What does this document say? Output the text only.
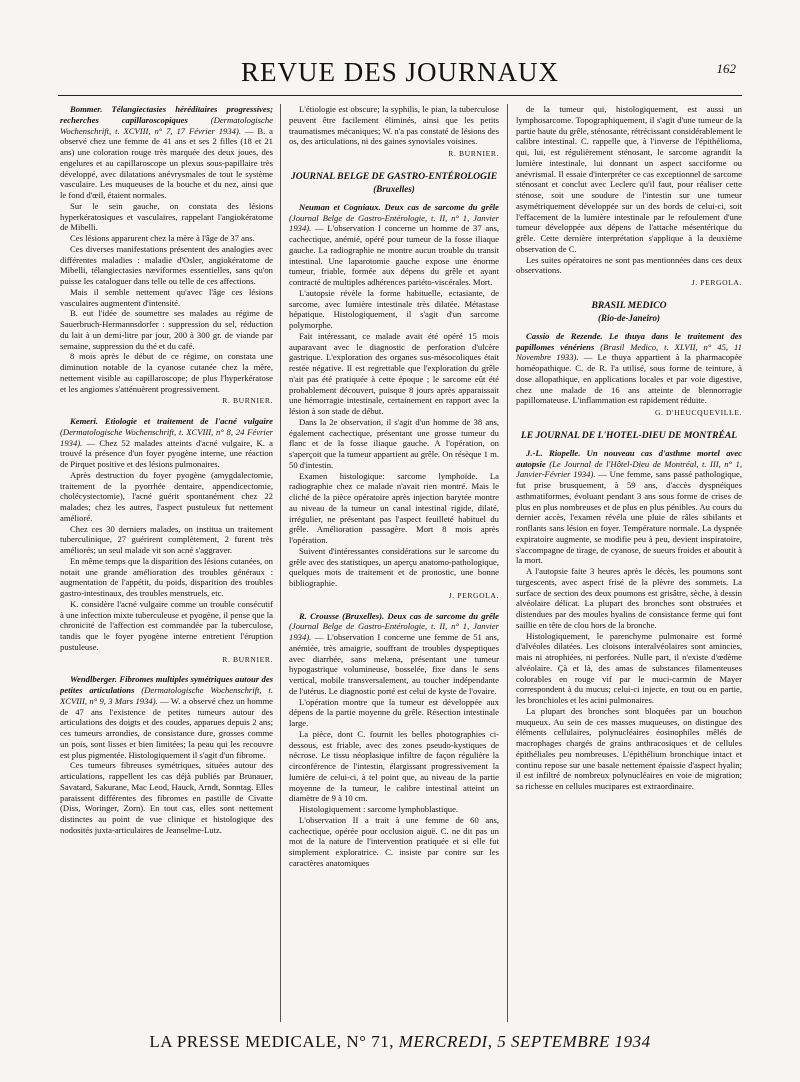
REVUE DES JOURNAUX	162

Bommer. Télangiectasies héréditaires progressives; recherches capillaroscopiques	(Dermatologische Wochenschrift, t. XCVIII, n° 7, 17 Février 1934). — B. a observé chez une femme de 41 ans et ses 2 filles (18 et 21 ans) une coloration rouge très marquée des deux joues, des engelures et au capillaroscope un plexus sous-papillaire très développé, avec dilatations anévrysmales de tout le système vasculaire. Les muqueuses de la bouche et du nez, ainsi que le fond d'œil, étaient normales.

Sur le sein gauche, on constata des lésions hyperkératosiques et vasculaires, rappelant l'angiokératome de Mibelli.

Ces lésions apparurent chez la mère à l'âge de 37 ans.

Ces diverses manifestations présentent des analogies avec différentes maladies : maladie d'Osler, angiokératome de Mibelli, télangiectasies næviformes essentielles, sans qu'on puisse les cataloguer dans telle ou telle de ces affections.

Mais il semble nettement qu'avec l'âge ces lésions vasculaires augmentent d'intensité.

B. eut l'idée de soumettre ses malades au régime de Sauerbruch-Hermannsdorfer : suppression du sel, réduction du lait à un demi-litre par jour, 200 à 300 gr. de viande par semaine, suppression du thé et du café.

8 mois après le début de ce régime, on constata une diminution notable de la cyanose cutanée chez la mère, nettement visible au capillaroscope; de plus l'hyperkératose et les angiomes s'atténuèrent progressivement.

R. BURNIER.

Kemeri. Etiologie et traitement de l'acné vulgaire (Dermatologische Wochenschrift, t. XCVIII, n° 8, 24 Février 1934). — Chez 52 malades atteints d'acné vulgaire, K. a trouvé la présence d'un foyer pyogène interne, une réaction de Pirquet positive et des lésions pulmonaires.

Après destruction du foyer pyogène (amygdalectomie, traitement de la pyorrhée dentaire, appendicectomie, cholécystectomie), l'acné guérit spontanément chez 22 malades; chez les autres, l'aspect pustuleux fut nettement amélioré.

Chez ces 30 derniers malades, on institua un traitement tuberculinique, 27 guérirent complètement, 2 furent très améliorés; un seul malade vit son acné s'aggraver.

En même temps que la disparition des lésions cutanées, on notait une grande amélioration des troubles généraux : augmentation de l'appétit, du poids, disparition des troubles gastro-intestinaux, des troubles menstruels, etc.

K. considère l'acné vulgaire comme un trouble consécutif à une infection mixte tuberculeuse et pyogène, il pense que la chronicité de l'affection est commandée par la tuberculose, tandis que le foyer pyogène interne entretient l'éruption pustuleuse.

R. BURNIER.

Wendlberger. Fibromes multiples symétriques autour des petites articulations (Dermatologische Wochenschrift, t. XCVIII, n° 9, 3 Mars 1934). — W. a observé chez un homme de 47 ans l'existence de petites tumeurs autour des articulations des doigts et des coudes, apparues depuis 2 ans; ces tumeurs arrondies, de consistance dure, grosses comme un pois, sont lisses et bien limitées; la peau qui les recouvre est plus pigmentée. Histologiquement il s'agit d'un fibrome.

Ces tumeurs fibreuses symétriques, situées autour des articulations, rappellent les cas déjà publiés par Brunauer, Savatard, Sakurane, Mac Leod, Hauck, Arndt, Sonntag. Elles paraissent différentes des fibromes en pastille de Civatte (Diss, Woringer, Zorn). En tout cas, elles sont nettement distinctes au point de vue clinique et histologique des nodosités juxta-articulaires de Jeanselme-Lutz.

L'étiologie est obscure; la syphilis, le pian, la tuberculose peuvent être facilement éliminés, ainsi que les petits traumatismes mécaniques; W. n'a pas constaté de lésions des os, des articulations, ni des gaines synoviales voisines.

R. BURNIER.

JOURNAL BELGE DE GASTRO-ENTÉROLOGIE
(Bruxelles)

Neuman et Cogniaux. Deux cas de sarcome du grêle (Journal Belge de Gastro-Entérologie, t. II, n° 1, Janvier 1934). — L'observation I concerne un homme de 37 ans, cachectique, anémié, opéré pour tumeur de la fosse iliaque gauche. La radiographie ne montre aucun trouble du transit intestinal. Une laparotomie gauche expose une énorme tumeur, friable, formée aux dépens du grêle et ayant contracté de multiples adhérences pariéto-viscérales. Mort.

L'autopsie révèle la forme habituelle, ectasiante, de sarcome, avec lumière intestinale très dilatée. Métastase hépatique. Histologiquement, il s'agit d'un sarcome polymorphe.

Fait intéressant, ce malade avait été opéré 15 mois auparavant avec le diagnostic de perforation d'ulcère gastrique. L'exploration des organes sus-mésocoliques était restée négative. Il est regrettable que l'exploration du grêle n'ait pas été pratiquée à cette époque ; le sarcome eût été probablement découvert, puisque 8 jours après apparaissait une hémorragie intestinale, certainement en rapport avec la lésion à son stade de début.

Dans la 2e observation, il s'agit d'un homme de 38 ans, également cachectique, présentant une grosse tumeur du flanc et de la fosse iliaque gauche. A l'opération, on s'aperçoit que la tumeur appartient au grêle. On résèque 1 m. 50 d'intestin.

Examen histologique: sarcome lymphoïde. La radiographie chez ce malade n'avait rien montré. Mais le cliché de la pièce opératoire après injection barytée montre au niveau de la tumeur un canal intestinal rigide, dilaté, irrégulier, ne présentant pas l'aspect feuilleté habituel du grêle. Amélioration passagère. Mort 8 mois après l'opération.

Suivent d'intéressantes considérations sur le sarcome du grêle avec des statistiques, un aperçu anatomo-pathologique, quelques mots de traitement et de pronostic, une bonne bibliographie.

J. PERGOLA.

R. Crousse (Bruxelles). Deux cas de sarcome du grêle (Journal Belge de Gastro-Entérologie, t. II, n° 1, Janvier 1934). — L'observation I concerne une femme de 51 ans, anémiée, très amaigrie, souffrant de troubles dyspeptiques avec diarrhée, sans melæna, présentant une tumeur hypogastrique volumineuse, bosselée, fixe dans le sens vertical, mobile transversalement, au toucher indépendante de l'utérus. Le diagnostic porté est celui de kyste de l'ovaire.

L'opération montre que la tumeur est développée aux dépens de la partie moyenne du grêle. Résection intestinale large.

La pièce, dont C. fournit les belles photographies ci-dessous, est friable, avec des zones pseudo-kystiques de nécrose. Le tissu néoplasique infiltre de façon régulière la circonférence de l'intestin, élargissant progressivement la lumière de celui-ci, à tel point que, au niveau de la partie moyenne de la tumeur, le calibre intestinal atteint un diamètre de 9 à 10 cm.

Histologiquement : sarcome lymphoblastique.

L'observation II a trait à une femme de 60 ans, cachectique, opérée pour occlusion aiguë. C. ne dit pas un mot de la nature de l'intervention pratiquée et si elle fut simplement exploratrice. C. insiste par contre sur les caractères anatomiques

de la tumeur qui, histologiquement, est aussi un lymphosarcome. Topographiquement, il s'agit d'une tumeur de la partie haute du grêle, sténosante, rétrécissant considérablement le calibre intestinal. C. rappelle que, à l'inverse de l'épithélioma, qui, lui, est régulièrement sténosant, le sarcome agrandit la lumière intestinale, lui donnant un aspect sacciforme ou anévrismal. Il essaie d'interpréter ce cas exceptionnel de sarcome sténosant et conclut avec Leclerc qu'il faut, pour réaliser cette sténose, soit une soudure de l'intestin sur une tumeur asymétriquement développée sur un des bords de celui-ci, soit l'effacement de la lumière intestinale par le refoulement d'une tumeur développée aux dépens de l'attache mésentérique du grêle. Cette dernière interprétation s'applique à la deuxième observation de C.

Les suites opératoires ne sont pas mentionnées dans ces deux observations.

J. PERGOLA.

BRASIL MEDICO
(Rio-de-Janeiro)

Cassio de Rezende. Le thuya dans le traitement des papillomes vénériens (Brasil Medico, t. XLVII, n° 45, 11 Novembre 1933). — Le thuya appartient à la pharmacopée homéopathique. C. de R. l'a utilisé, sous forme de teinture, à dose allopathique, en applications locales et par voie digestive, chez une malade de 16 ans atteinte de blennorragie papillomateuse. L'inflammation est rapidement réduite.

G. D'HEUCQUEVILLE.

LE JOURNAL DE L'HOTEL-DIEU DE MONTRÉAL

J.-L. Riopelle. Un nouveau cas d'asthme mortel avec autopsie (Le Journal de l'Hôtel-Dieu de Montréal, t. III, n° 1, Janvier-Février 1934). — Une femme, sans passé pathologique, fut prise brusquement, à 59 ans, d'accès dyspnéiques asthmatiformes, évoluant pendant 3 ans sous forme de crises de plus en plus nombreuses et de plus en plus pénibles. Au cours du dernier accès, l'examen révéla une pluie de râles sibilants et ronflants sans lésion en foyer. Température normale. La dyspnée expiratoire augmente, se modifie peu à peu, devient inspiratoire, s'accompagne de tirage, de cyanose, de sueurs froides et aboutit à la mort.

A l'autopsie faite 3 heures après le décès, les poumons sont turgescents, avec aspect frisé de la plèvre des sommets. La surface de section des deux poumons est grisâtre, sèche, à dessin alvéolaire délicat. La plupart des bronches sont obstruées et distendues par des moules hyalins de consistance ferme qui font saillie en tête de clou hors de la bronche.

Histologiquement, le parenchyme pulmonaire est formé d'alvéoles dilatées. Les cloisons interalvéolaires sont amincies, mais ni atrophiées, ni perforées. Nulle part, il n'existe d'œdème alvéolaire. Çà et là, des amas de substances filamenteuses colorables en rouge vif par le muci-carmin de Mayer correspondent à du mucus; celui-ci injecte, en tout ou en partie, les bronchioles et les acini pulmonaires.

La plupart des bronches sont bloquées par un bouchon muqueux. Au sein de ces masses muqueuses, on distingue des éléments cellulaires, polynucléaires éosinophiles mêlés de macrophages chargés de grains anthracosiques et de cellules épithéliales peu nombreuses. L'épithélium bronchique intact et continu repose sur une basale nettement épaissie d'aspect hyalin; il est infiltré de nombreux polynucléaires en voie de migration; sa richesse en cellules mucipares est extraordinaire.

LA PRESSE MEDICALE, N° 71, MERCREDI, 5 SEPTEMBRE 1934
